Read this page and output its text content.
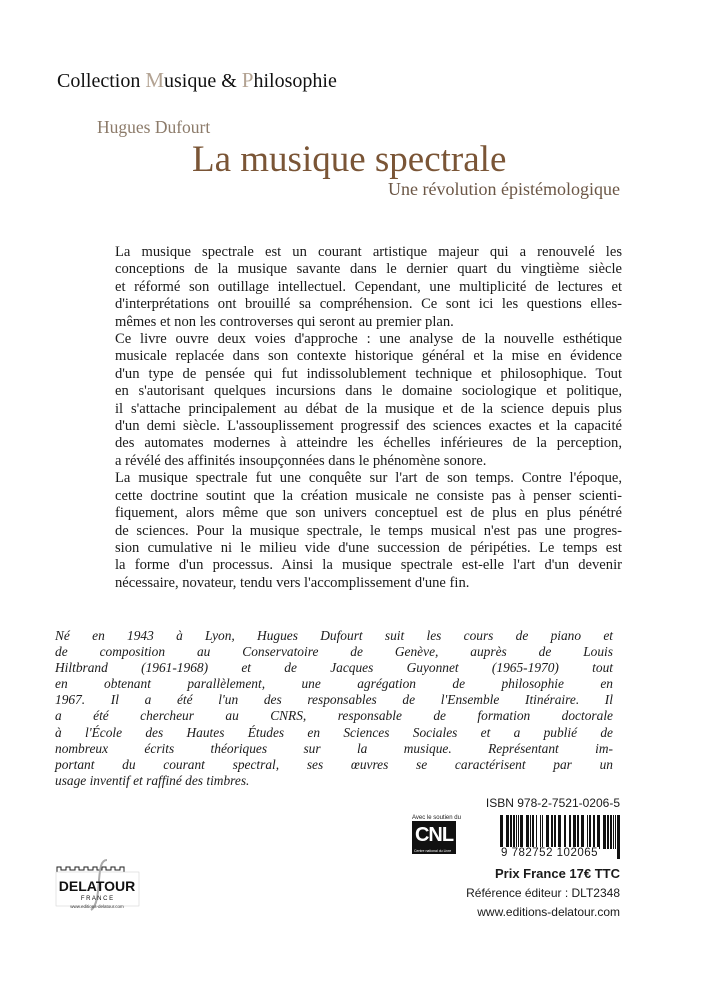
Collection Musique & Philosophie
Hugues Dufourt
La musique spectrale
Une révolution épistémologique
La musique spectrale est un courant artistique majeur qui a renouvelé les
conceptions de la musique savante dans le dernier quart du vingtième siècle
et réformé son outillage intellectuel. Cependant, une multiplicité de lectures et
d'interprétations ont brouillé sa compréhension. Ce sont ici les questions elles-
mêmes et non les controverses qui seront au premier plan.
Ce livre ouvre deux voies d'approche : une analyse de la nouvelle esthétique
musicale replacée dans son contexte historique général et la mise en évidence
d'un type de pensée qui fut indissolublement technique et philosophique. Tout
en s'autorisant quelques incursions dans le domaine sociologique et politique,
il s'attache principalement au débat de la musique et de la science depuis plus
d'un demi siècle. L'assouplissement progressif des sciences exactes et la capacité
des automates modernes à atteindre les échelles inférieures de la perception,
a révélé des affinités insoupçonnées dans le phénomène sonore.
La musique spectrale fut une conquête sur l'art de son temps. Contre l'époque,
cette doctrine soutint que la création musicale ne consiste pas à penser scienti-
fiquement, alors même que son univers conceptuel est de plus en plus pénétré
de sciences. Pour la musique spectrale, le temps musical n'est pas une progres-
sion cumulative ni le milieu vide d'une succession de péripéties. Le temps est
la forme d'un processus. Ainsi la musique spectrale est-elle l'art d'un devenir
nécessaire, novateur, tendu vers l'accomplissement d'une fin.
Né en 1943 à Lyon, Hugues Dufourt suit les cours de piano et
de composition au Conservatoire de Genève, auprès de Louis
Hiltbrand (1961-1968) et de Jacques Guyonnet (1965-1970) tout
en obtenant parallèlement, une agrégation de philosophie en
1967. Il a été l'un des responsables de l'Ensemble Itinéraire. Il
a été chercheur au CNRS, responsable de formation doctorale
à l'École des Hautes Études en Sciences Sociales et a publié de
nombreux écrits théoriques sur la musique. Représentant im-
portant du courant spectral, ses œuvres se caractérisent par un
usage inventif et raffiné des timbres.
ISBN 978-2-7521-0206-5
Avec le soutien du
CNL
Centre national du Livre	9 782752 102065
Prix France 17€ TTC
Référence éditeur : DLT2348
www.editions-delatour.com
DELATOUR
F R A N C E
www.editions-delatour.com
